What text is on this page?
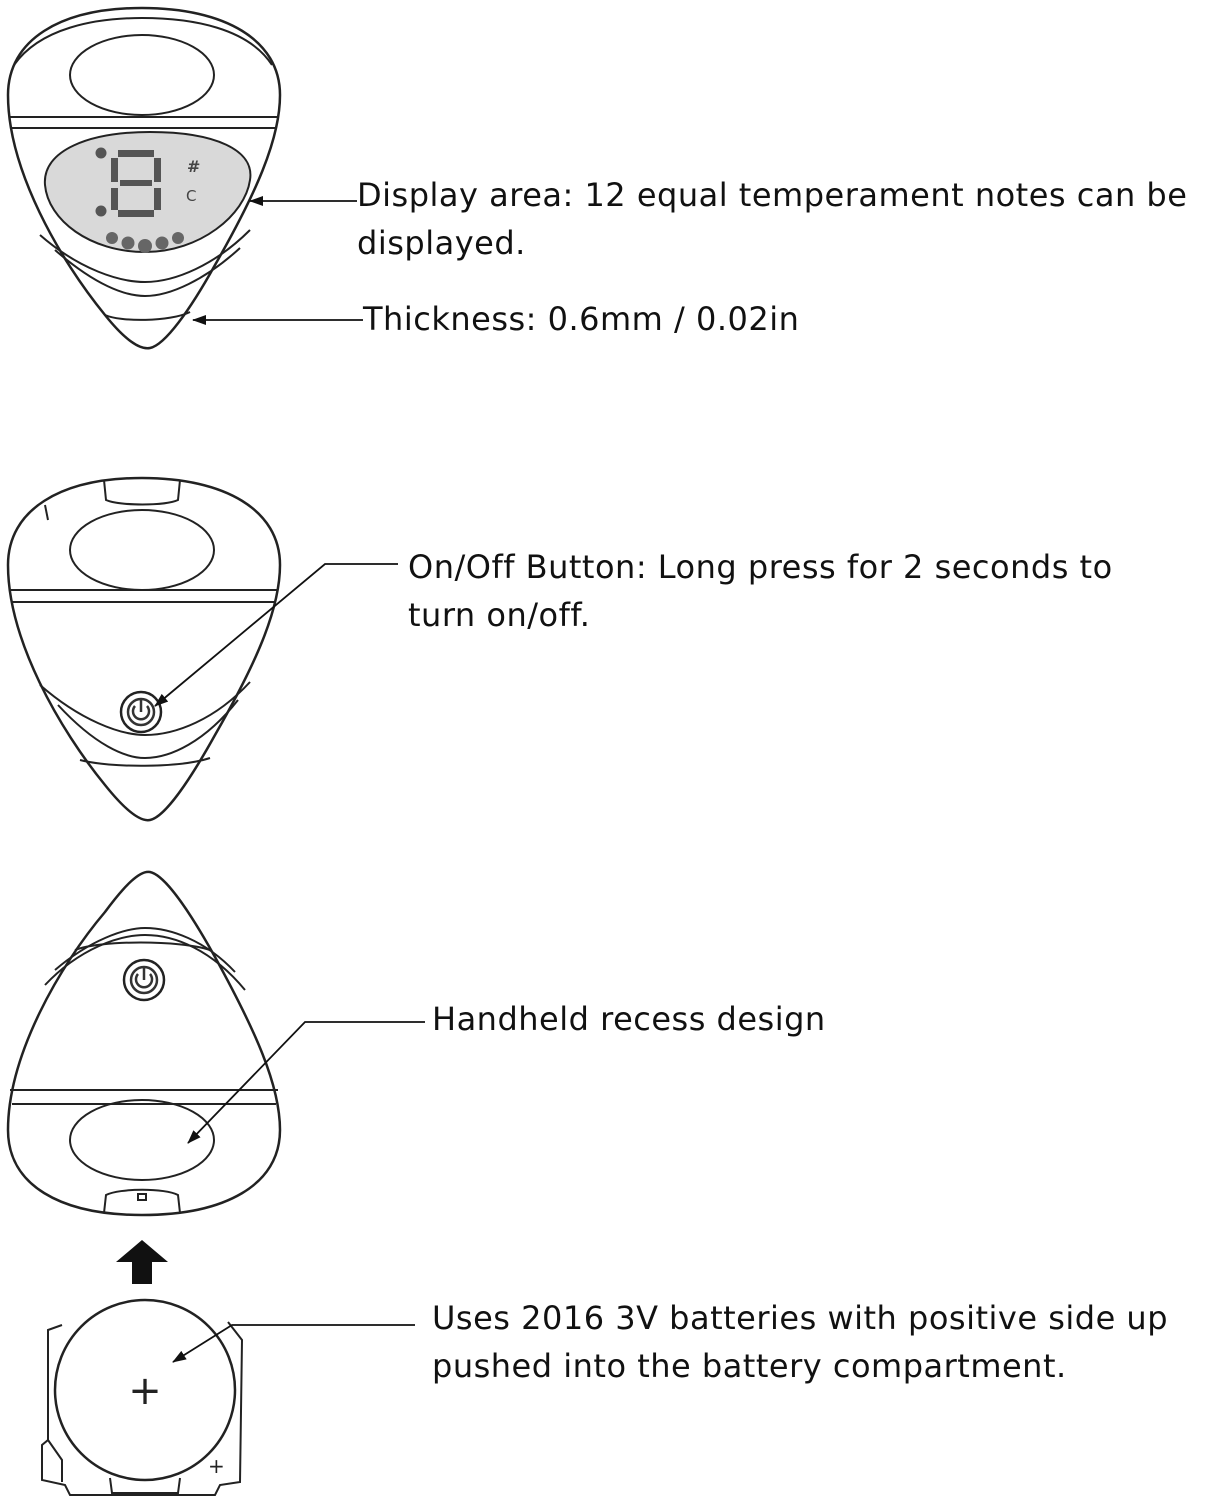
#
C
+
+
Display area: 12 equal temperament notes can be
displayed.
Thickness: 0.6mm / 0.02in
On/Off Button: Long press for 2 seconds to
turn on/off.
Handheld recess design
Uses 2016 3V batteries with positive side up
pushed into the battery compartment.
